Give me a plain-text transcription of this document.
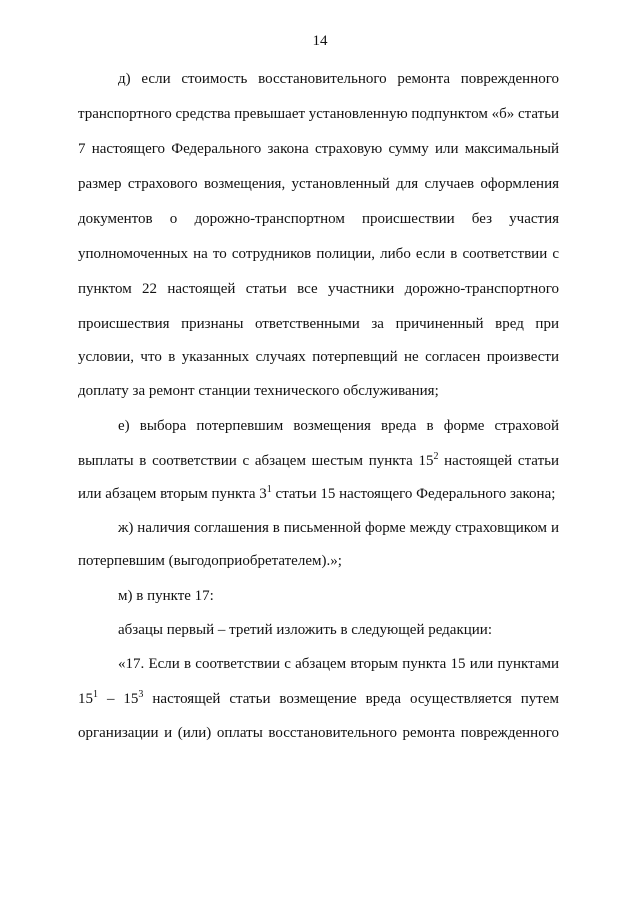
14
д) если стоимость восстановительного ремонта поврежденного
транспортного средства превышает установленную подпунктом «б» статьи
7 настоящего Федерального закона страховую сумму или максимальный
размер страхового возмещения, установленный для случаев оформления
документов о дорожно-транспортном происшествии без участия
уполномоченных на то сотрудников полиции, либо если в соответствии с
пунктом 22 настоящей статьи все участники дорожно-транспортного
происшествия признаны ответственными за причиненный вред при
условии, что в указанных случаях потерпевщий не согласен произвести
доплату за ремонт станции технического обслуживания;
е) выбора потерпевшим возмещения вреда в форме страховой
выплаты в соответствии с абзацем шестым пункта $15^2$ настоящей статьи
или абзацем вторым пункта $3^1$ статьи 15 настоящего Федерального закона;
ж) наличия соглашения в письменной форме между страховщиком и
потерпевшим (выгодоприобретателем).»;
м) в пункте 17:
абзацы первый – третий изложить в следующей редакции:
«17. Если в соответствии с абзацем вторым пункта 15 или пунктами
$15^1 - 15^3$ настоящей статьи возмещение вреда осуществляется путем
организации и (или) оплаты восстановительного ремонта поврежденного
